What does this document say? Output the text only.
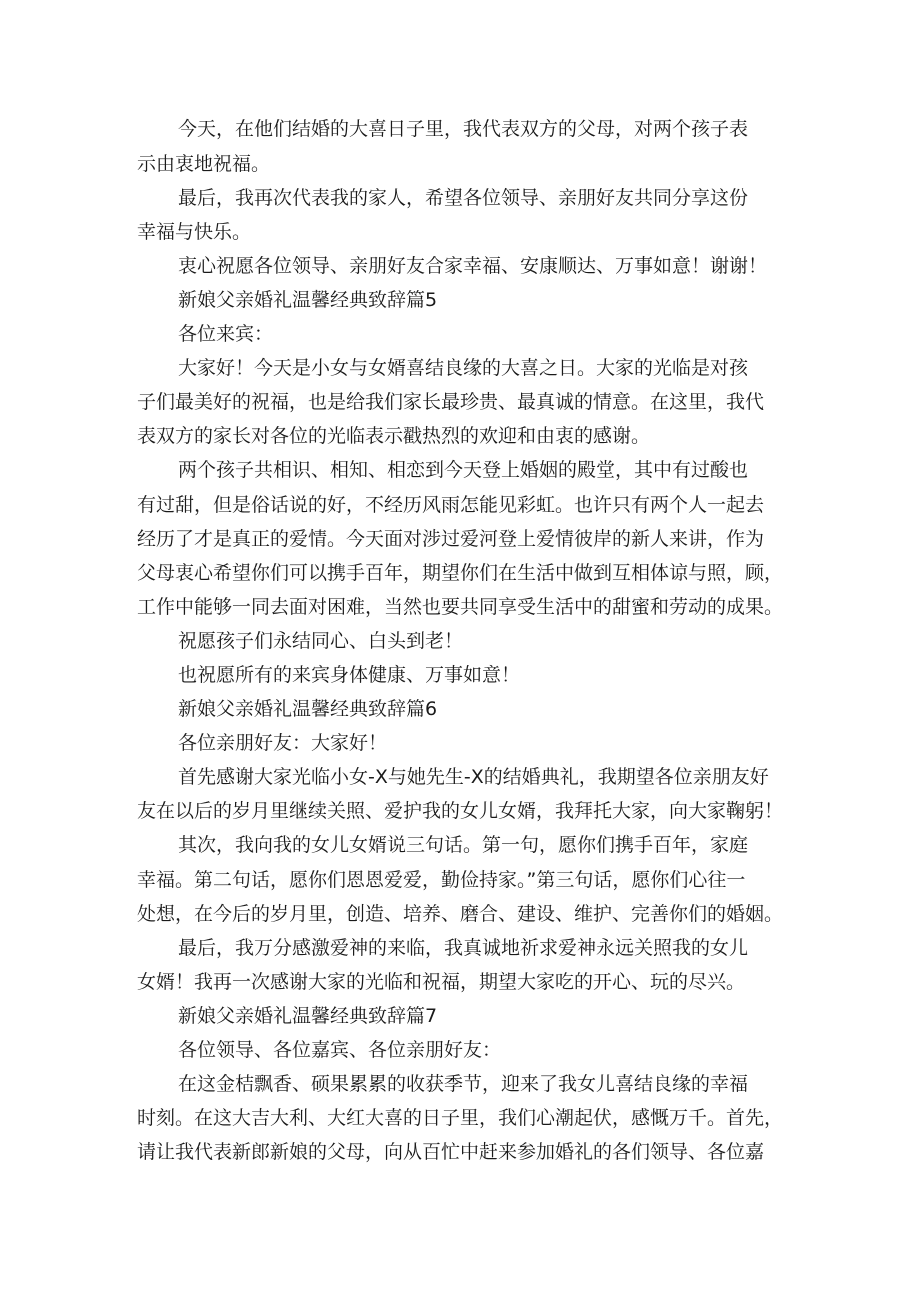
今天，在他们结婚的大喜日子里，我代表双方的父母，对两个孩子表
示由衷地祝福。
最后，我再次代表我的家人，希望各位领导、亲朋好友共同分享这份
幸福与快乐。
衷心祝愿各位领导、亲朋好友合家幸福、安康顺达、万事如意！谢谢！
新娘父亲婚礼温馨经典致辞篇5
各位来宾：
大家好！今天是小女与女婿喜结良缘的大喜之日。大家的光临是对孩
子们最美好的祝福，也是给我们家长最珍贵、最真诚的情意。在这里，我代
表双方的家长对各位的光临表示戳热烈的欢迎和由衷的感谢。
两个孩子共相识、相知、相恋到今天登上婚姻的殿堂，其中有过酸也
有过甜，但是俗话说的好，不经历风雨怎能见彩虹。也许只有两个人一起去
经历了才是真正的爱情。今天面对涉过爱河登上爱情彼岸的新人来讲，作为
父母衷心希望你们可以携手百年，期望你们在生活中做到互相体谅与照，顾，
工作中能够一同去面对困难，当然也要共同享受生活中的甜蜜和劳动的成果。
祝愿孩子们永结同心、白头到老！
也祝愿所有的来宾身体健康、万事如意！
新娘父亲婚礼温馨经典致辞篇6
各位亲朋好友：大家好！
首先感谢大家光临小女-X与她先生-X的结婚典礼，我期望各位亲朋友好
友在以后的岁月里继续关照、爱护我的女儿女婿，我拜托大家，向大家鞠躬！
其次，我向我的女儿女婿说三句话。第一句，愿你们携手百年，家庭
幸福。第二句话，愿你们恩恩爱爱，勤俭持家。”第三句话，愿你们心往一
处想，在今后的岁月里，创造、培养、磨合、建设、维护、完善你们的婚姻。
最后，我万分感激爱神的来临，我真诚地祈求爱神永远关照我的女儿
女婿！我再一次感谢大家的光临和祝福，期望大家吃的开心、玩的尽兴。
新娘父亲婚礼温馨经典致辞篇7
各位领导、各位嘉宾、各位亲朋好友：
在这金桔飘香、硕果累累的收获季节，迎来了我女儿喜结良缘的幸福
时刻。在这大吉大利、大红大喜的日子里，我们心潮起伏，感慨万千。首先，
请让我代表新郎新娘的父母，向从百忙中赶来参加婚礼的各们领导、各位嘉
